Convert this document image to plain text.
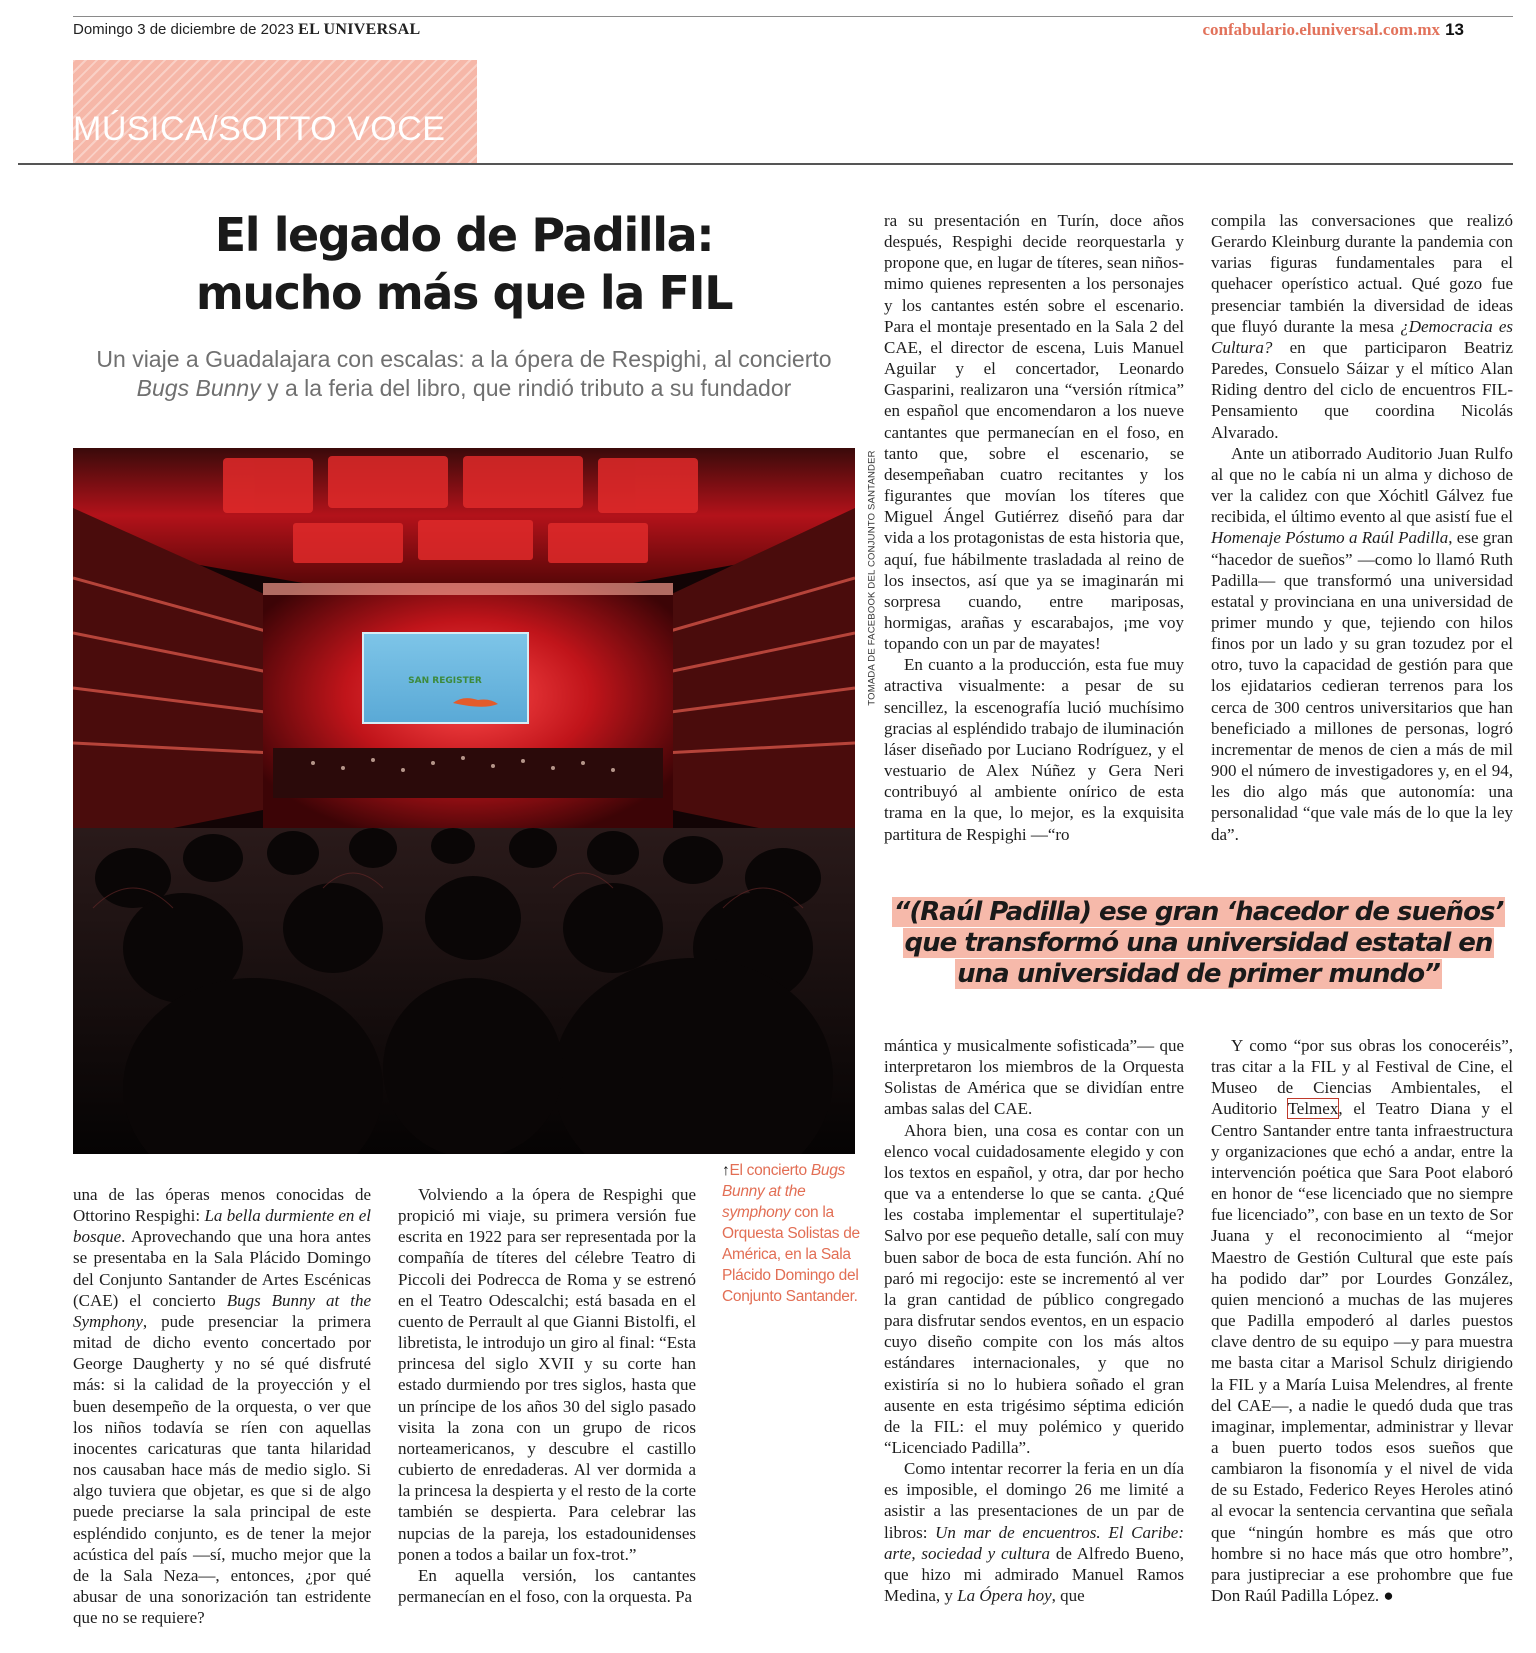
Domingo 3 de diciembre de 2023 EL UNIVERSAL	confabulario.eluniversal.com.mx 13
MÚSICA/SOTTO VOCE
El legado de Padilla:
mucho más que la FIL
Un viaje a Guadalajara con escalas: a la ópera de Respighi, al concierto Bugs Bunny y a la feria del libro, que rindió tributo a su fundador
SAN REGISTER	TOMADA DE FACEBOOK DEL CONJUNTO SANTANDER
↑El concierto Bugs Bunny at the symphony con la Orquesta Solistas de América, en la Sala Plácido Domingo del Conjunto Santander.

una de las óperas menos conocidas de Ottorino Respighi: La bella durmiente en el bosque. Aprovechando que una hora antes se presentaba en la Sala Plácido Domingo del Conjunto Santander de Artes Escénicas (CAE) el concierto Bugs Bunny at the Symphony, pude presenciar la primera mitad de dicho evento concertado por George Daugherty y no sé qué disfruté más: si la calidad de la proyección y el buen desempeño de la orquesta, o ver que los niños todavía se ríen con aquellas inocentes caricaturas que tanta hilaridad nos causaban hace más de medio siglo. Si algo tuviera que objetar, es que si de algo puede preciarse la sala principal de este espléndido conjunto, es de tener la mejor acústica del país —sí, mucho mejor que la de la Sala Neza—, entonces, ¿por qué abusar de una sonorización tan estridente que no se requiere?

Volviendo a la ópera de Respighi que propició mi viaje, su primera versión fue escrita en 1922 para ser representada por la compañía de títeres del célebre Teatro di Piccoli dei Podrecca de Roma y se estrenó en el Teatro Odescalchi; está basada en el cuento de Perrault al que Gianni Bistolfi, el libretista, le introdujo un giro al final: “Esta princesa del siglo XVII y su corte han estado durmiendo por tres siglos, hasta que un príncipe de los años 30 del siglo pasado visita la zona con un grupo de ricos norteamericanos, y descubre el castillo cubierto de enredaderas. Al ver dormida a la princesa la despierta y el resto de la corte también se despierta. Para celebrar las nupcias de la pareja, los estadounidenses ponen a todos a bailar un fox-trot.”

En aquella versión, los cantantes permanecían en el foso, con la orquesta. Pa

ra su presentación en Turín, doce años después, Respighi decide reorquestarla y propone que, en lugar de títeres, sean niños-mimo quienes representen a los personajes y los cantantes estén sobre el escenario. Para el montaje presentado en la Sala 2 del CAE, el director de escena, Luis Manuel Aguilar y el concertador, Leonardo Gasparini, realizaron una “versión rítmica” en español que encomendaron a los nueve cantantes que permanecían en el foso, en tanto que, sobre el escenario, se desempeñaban cuatro recitantes y los figurantes que movían los títeres que Miguel Ángel Gutiérrez diseñó para dar vida a los protagonistas de esta historia que, aquí, fue hábilmente trasladada al reino de los insectos, así que ya se imaginarán mi sorpresa cuando, entre mariposas, hormigas, arañas y escarabajos, ¡me voy topando con un par de mayates!

En cuanto a la producción, esta fue muy atractiva visualmente: a pesar de su sencillez, la escenografía lució muchísimo gracias al espléndido trabajo de iluminación láser diseñado por Luciano Rodríguez, y el vestuario de Alex Núñez y Gera Neri contribuyó al ambiente onírico de esta trama en la que, lo mejor, es la exquisita partitura de Respighi —“ro

compila las conversaciones que realizó Gerardo Kleinburg durante la pandemia con varias figuras fundamentales para el quehacer operístico actual. Qué gozo fue presenciar también la diversidad de ideas que fluyó durante la mesa ¿Democracia es Cultura? en que participaron Beatriz Paredes, Consuelo Sáizar y el mítico Alan Riding dentro del ciclo de encuentros FIL-Pensamiento que coordina Nicolás Alvarado.

Ante un atiborrado Auditorio Juan Rulfo al que no le cabía ni un alma y dichoso de ver la calidez con que Xóchitl Gálvez fue recibida, el último evento al que asistí fue el Homenaje Póstumo a Raúl Padilla, ese gran “hacedor de sueños” —como lo llamó Ruth Padilla— que transformó una universidad estatal y provinciana en una universidad de primer mundo y que, tejiendo con hilos finos por un lado y su gran tozudez por el otro, tuvo la capacidad de gestión para que los ejidatarios cedieran terrenos para los cerca de 300 centros universitarios que han beneficiado a millones de personas, logró incrementar de menos de cien a más de mil 900 el número de investigadores y, en el 94, les dio algo más que autonomía: una personalidad “que vale más de lo que la ley da”.

“(Raúl Padilla) ese gran ‘hacedor de sueños’ que transformó una universidad estatal en una universidad de primer mundo”

mántica y musicalmente sofisticada”— que interpretaron los miembros de la Orquesta Solistas de América que se dividían entre ambas salas del CAE.

Ahora bien, una cosa es contar con un elenco vocal cuidadosamente elegido y con los textos en español, y otra, dar por hecho que va a entenderse lo que se canta. ¿Qué les costaba implementar el supertitulaje? Salvo por ese pequeño detalle, salí con muy buen sabor de boca de esta función. Ahí no paró mi regocijo: este se incrementó al ver la gran cantidad de público congregado para disfrutar sendos eventos, en un espacio cuyo diseño compite con los más altos estándares internacionales, y que no existiría si no lo hubiera soñado el gran ausente en esta trigésimo séptima edición de la FIL: el muy polémico y querido “Licenciado Padilla”.

Como intentar recorrer la feria en un día es imposible, el domingo 26 me limité a asistir a las presentaciones de un par de libros: Un mar de encuentros. El Caribe: arte, sociedad y cultura de Alfredo Bueno, que hizo mi admirado Manuel Ramos Medina, y La Ópera hoy, que

Y como “por sus obras los conoceréis”, tras citar a la FIL y al Festival de Cine, el Museo de Ciencias Ambientales, el Auditorio Telmex, el Teatro Diana y el Centro Santander entre tanta infraestructura y organizaciones que echó a andar, entre la intervención poética que Sara Poot elaboró en honor de “ese licenciado que no siempre fue licenciado”, con base en un texto de Sor Juana y el reconocimiento al “mejor Maestro de Gestión Cultural que este país ha podido dar” por Lourdes González, quien mencionó a muchas de las mujeres que Padilla empoderó al darles puestos clave dentro de su equipo —y para muestra me basta citar a Marisol Schulz dirigiendo la FIL y a María Luisa Melendres, al frente del CAE—, a nadie le quedó duda que tras imaginar, implementar, administrar y llevar a buen puerto todos esos sueños que cambiaron la fisonomía y el nivel de vida de su Estado, Federico Reyes Heroles atinó al evocar la sentencia cervantina que señala que “ningún hombre es más que otro hombre si no hace más que otro hombre”, para justipreciar a ese prohombre que fue Don Raúl Padilla López. ●
